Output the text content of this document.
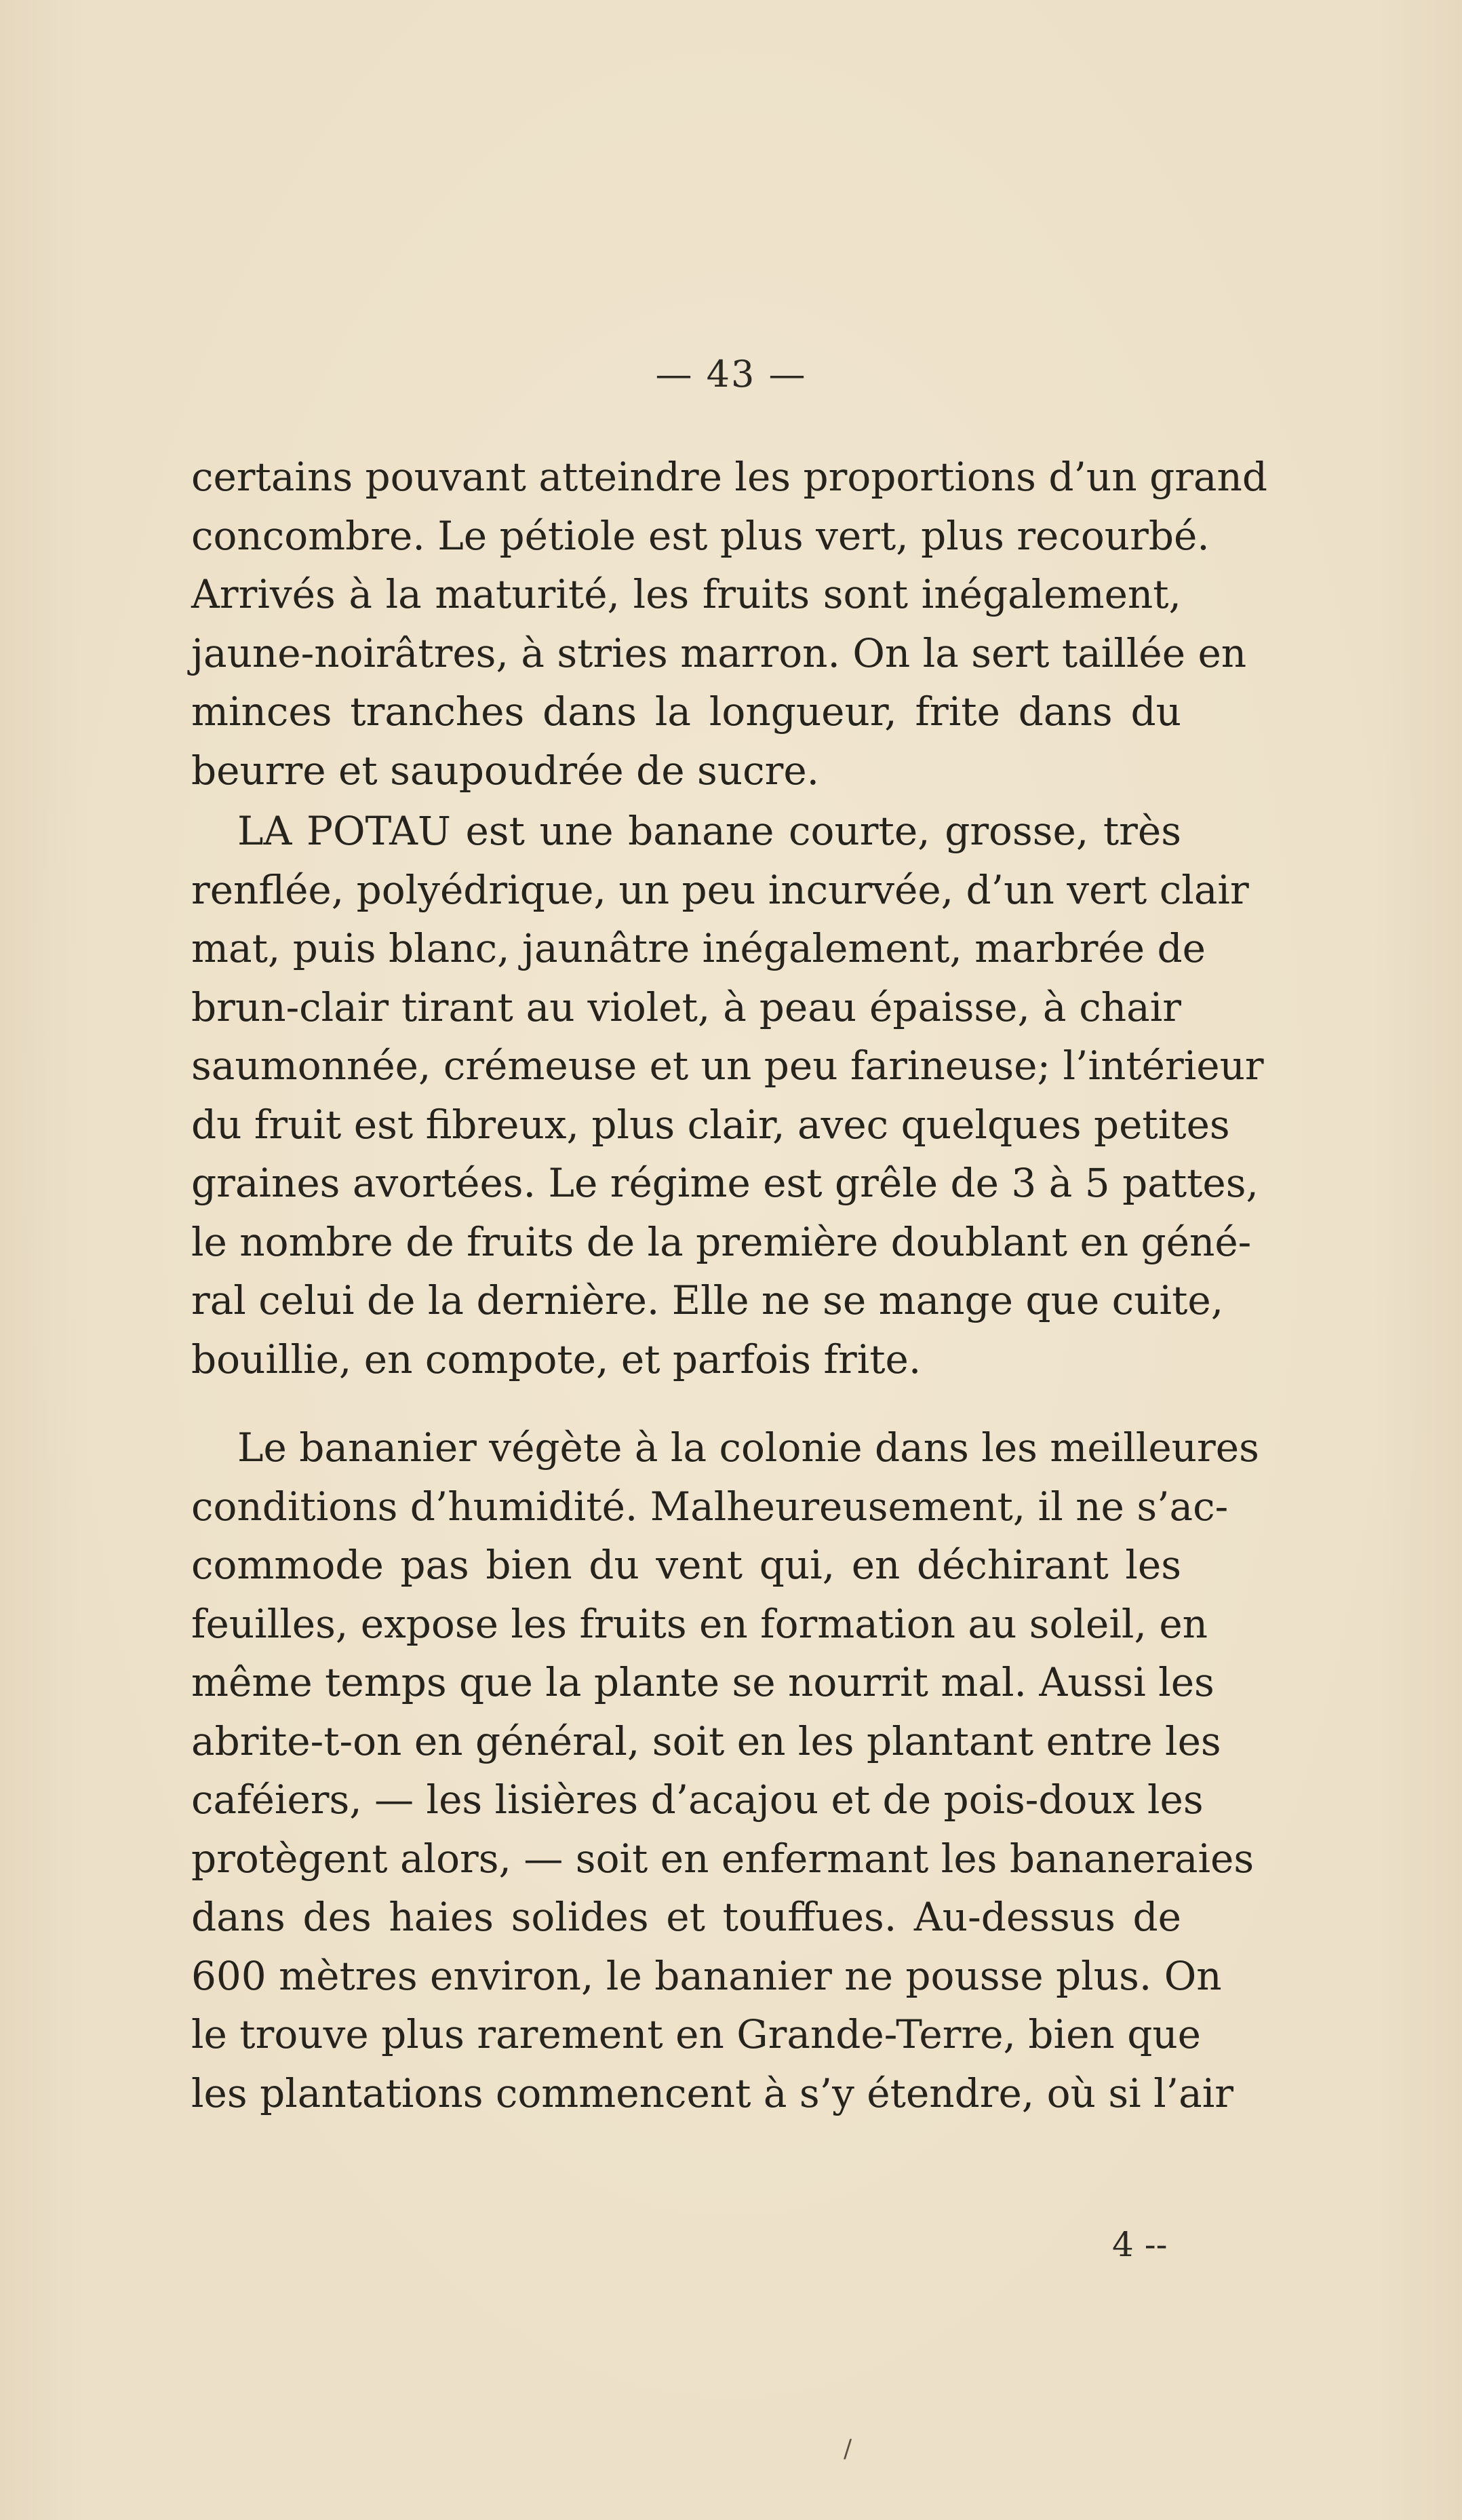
— 43 —
certains pouvant atteindre les proportions d’un grand
concombre. Le pétiole est plus vert, plus recourbé.
Arrivés à la maturité, les fruits sont inégalement,
jaune-noirâtres, à stries marron. On la sert taillée en
minces tranches dans la longueur, frite dans du
beurre et saupoudrée de sucre.
LA POTAU est une banane courte, grosse, très
renflée, polyédrique, un peu incurvée, d’un vert clair
mat, puis blanc, jaunâtre inégalement, marbrée de
brun-clair tirant au violet, à peau épaisse, à chair
saumonnée, crémeuse et un peu farineuse; l’intérieur
du fruit est fibreux, plus clair, avec quelques petites
graines avortées. Le régime est grêle de 3 à 5 pattes,
le nombre de fruits de la première doublant en géné-
ral celui de la dernière. Elle ne se mange que cuite,
bouillie, en compote, et parfois frite.
Le bananier végète à la colonie dans les meilleures
conditions d’humidité. Malheureusement, il ne s’ac-
commode pas bien du vent qui, en déchirant les
feuilles, expose les fruits en formation au soleil, en
même temps que la plante se nourrit mal. Aussi les
abrite-t-on en général, soit en les plantant entre les
caféiers, — les lisières d’acajou et de pois-doux les
protègent alors, — soit en enfermant les bananeraies
dans des haies solides et touffues. Au-dessus de
600 mètres environ, le bananier ne pousse plus. On
le trouve plus rarement en Grande-Terre, bien que
les plantations commencent à s’y étendre, où si l’air
4 --
/
